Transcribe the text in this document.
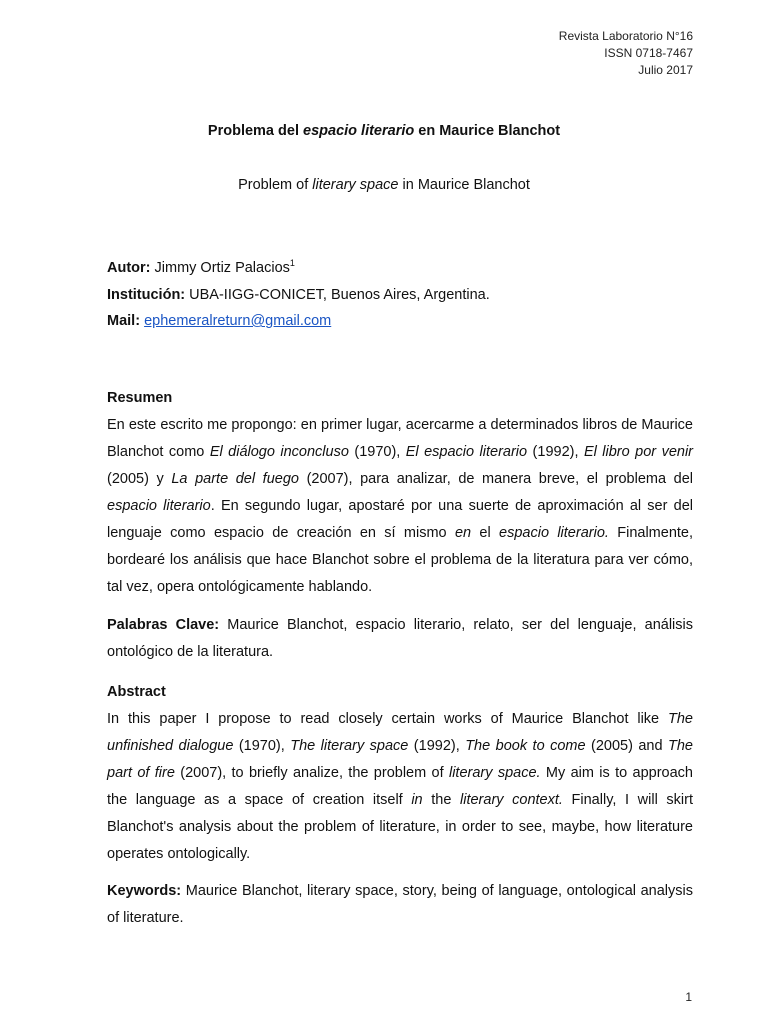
Revista Laboratorio N°16
ISSN 0718-7467
Julio 2017
Problema del espacio literario en Maurice Blanchot
Problem of literary space in Maurice Blanchot
Autor: Jimmy Ortiz Palacios$^1$
Institución: UBA-IIGG-CONICET, Buenos Aires, Argentina.
Mail: ephemeralreturn@gmail.com
Resumen
En este escrito me propongo: en primer lugar, acercarme a determinados libros de Maurice Blanchot como El diálogo inconcluso (1970), El espacio literario (1992), El libro por venir (2005) y La parte del fuego (2007), para analizar, de manera breve, el problema del espacio literario. En segundo lugar, apostaré por una suerte de aproximación al ser del lenguaje como espacio de creación en sí mismo en el espacio literario. Finalmente, bordearé los análisis que hace Blanchot sobre el problema de la literatura para ver cómo, tal vez, opera ontológicamente hablando.
Palabras Clave: Maurice Blanchot, espacio literario, relato, ser del lenguaje, análisis ontológico de la literatura.
Abstract
In this paper I propose to read closely certain works of Maurice Blanchot like The unfinished dialogue (1970), The literary space (1992), The book to come (2005) and The part of fire (2007), to briefly analize, the problem of literary space. My aim is to approach the language as a space of creation itself in the literary context. Finally, I will skirt Blanchot's analysis about the problem of literature, in order to see, maybe, how literature operates ontologically.
Keywords: Maurice Blanchot, literary space, story, being of language, ontological analysis of literature.
1
